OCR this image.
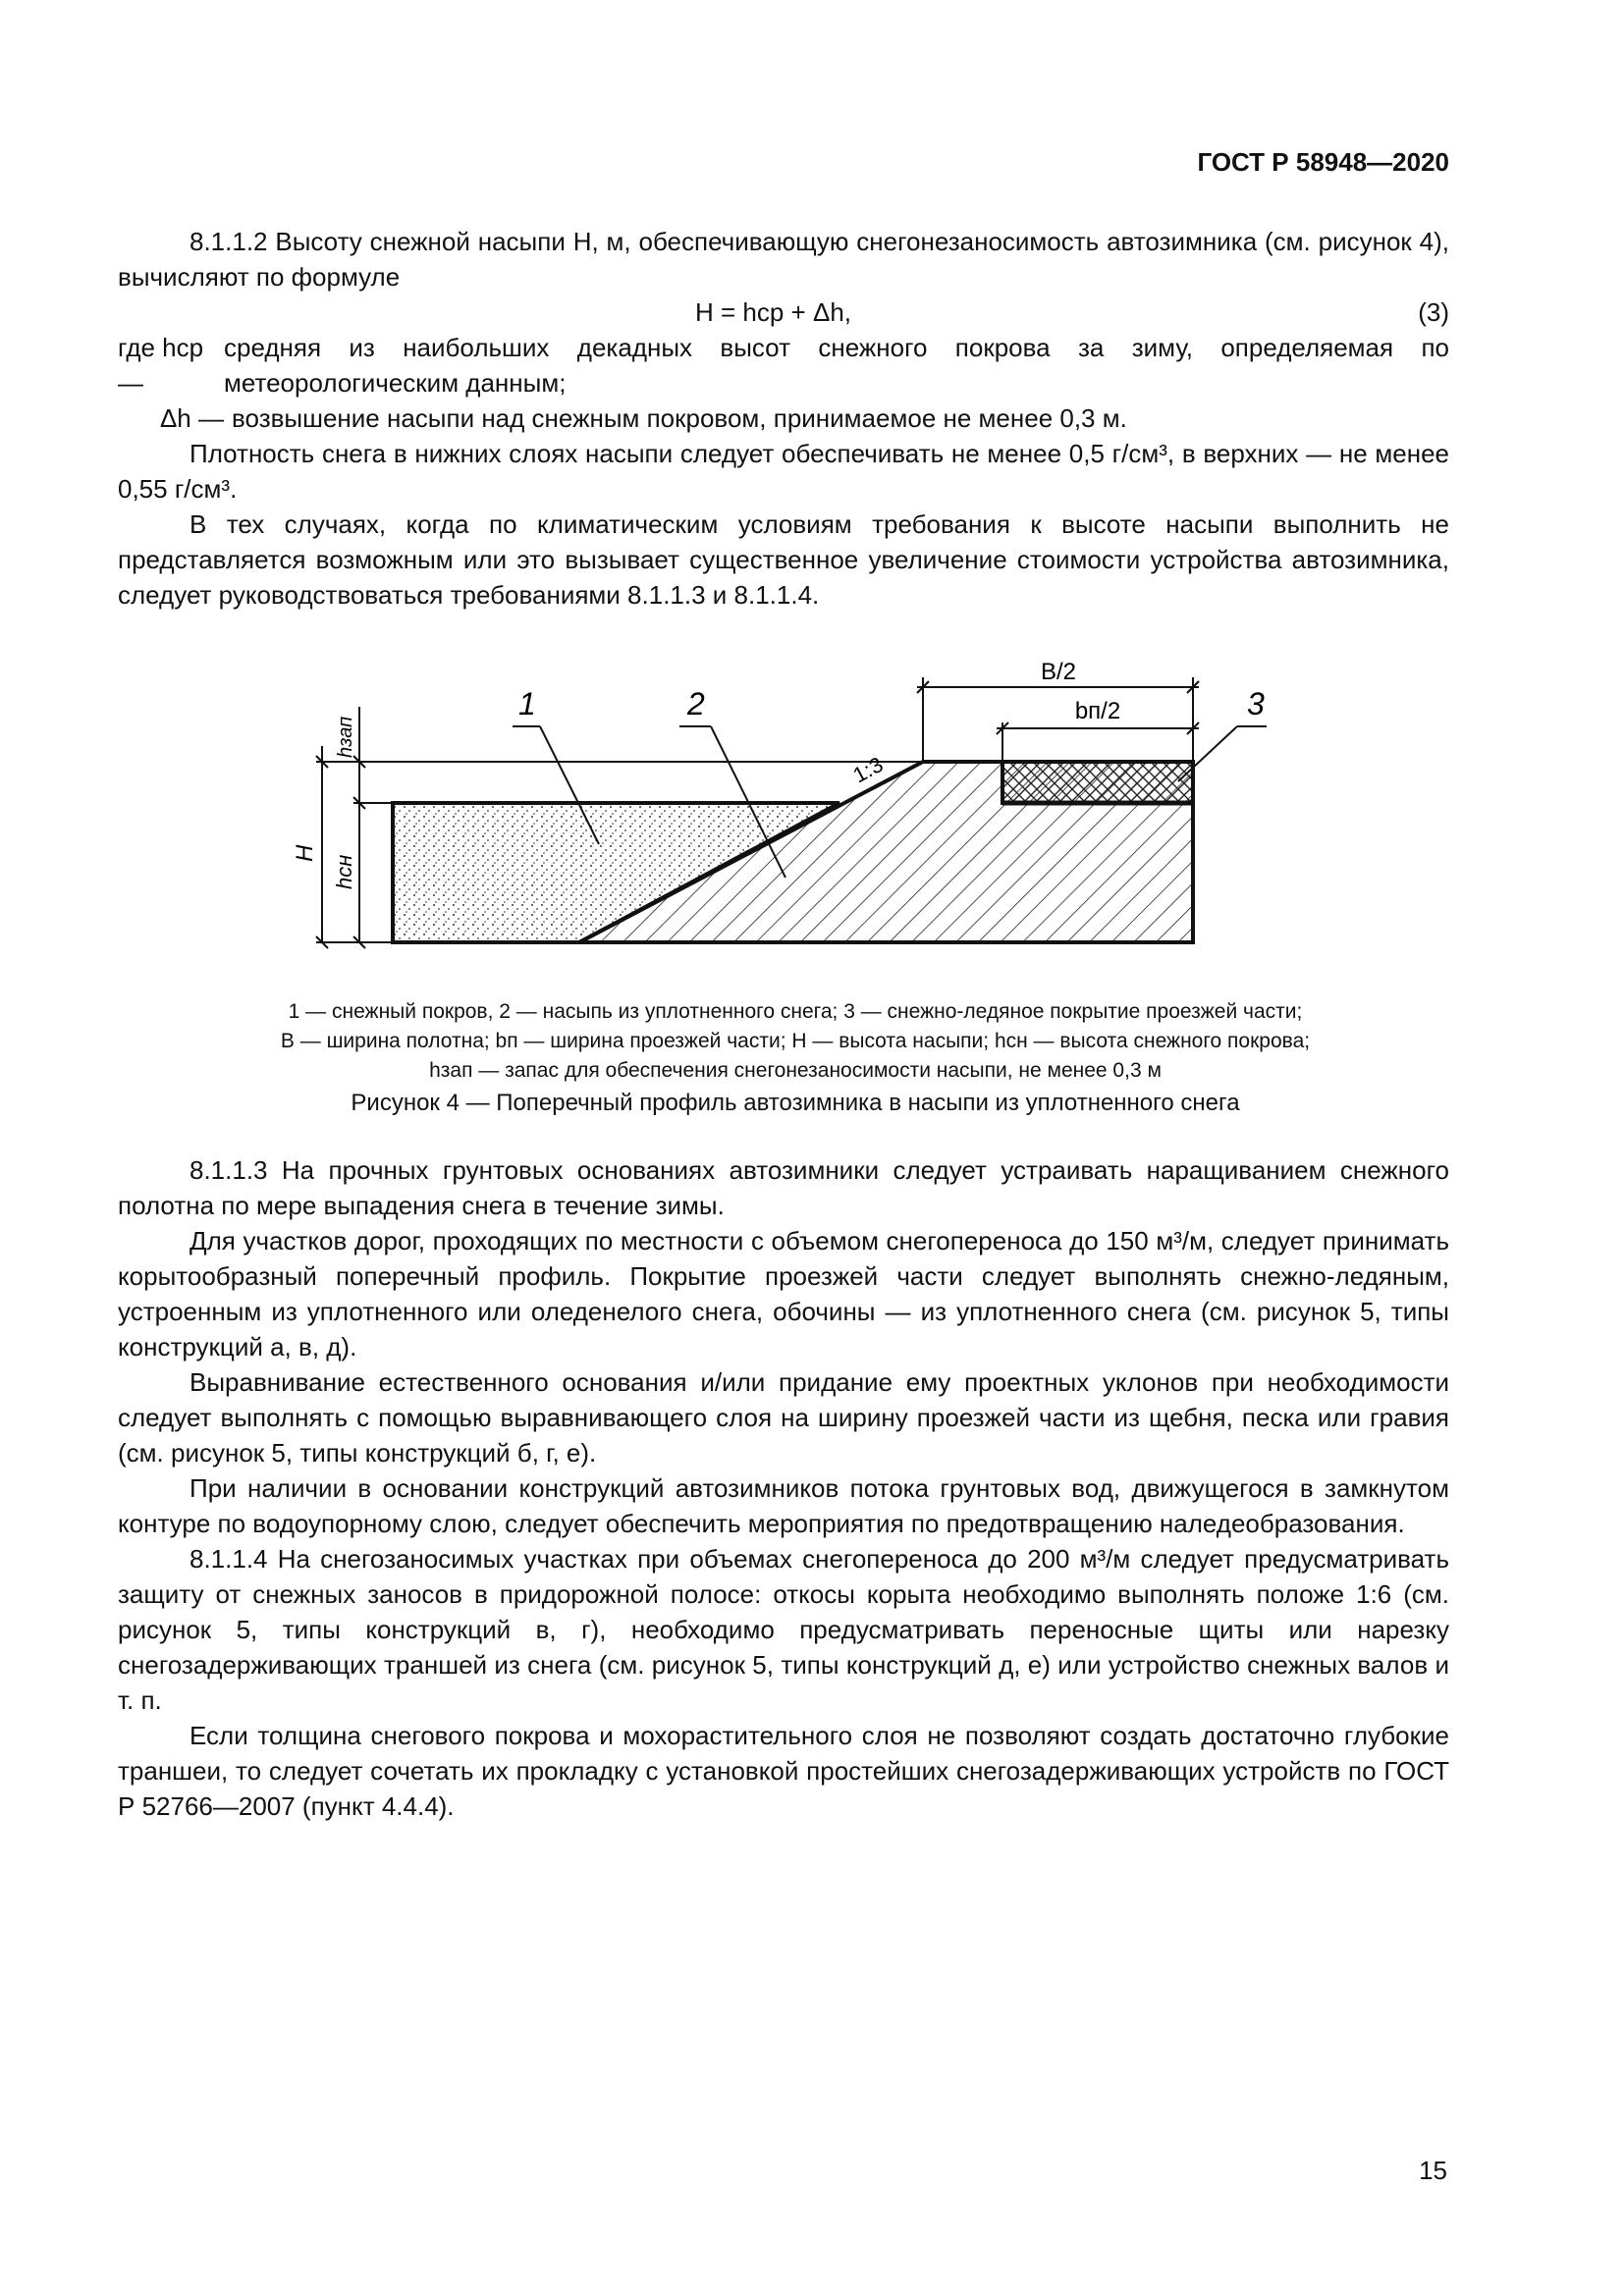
ГОСТ Р 58948—2020

8.1.1.2 Высоту снежной насыпи H, м, обеспечивающую снегонезаносимость автозимника (см. рисунок 4), вычисляют по формуле

H = hср + Δh,	(3)
где hср —
средняя из наибольших декадных высот снежного покрова за зиму, определяемая по метеорологическим данным;
Δh — возвышение насыпи над снежным покровом, принимаемое не менее 0,3 м.

Плотность снега в нижних слоях насыпи следует обеспечивать не менее 0,5 г/см³, в верхних — не менее 0,55 г/см³.

В тех случаях, когда по климатическим условиям требования к высоте насыпи выполнить не представляется возможным или это вызывает существенное увеличение стоимости устройства автозимника, следует руководствоваться требованиями 8.1.1.3 и 8.1.1.4.

H
hсн
hзап
B/2
bп/2
1:3
1	2	3
1 — снежный покров, 2 — насыпь из уплотненного снега; 3 — снежно-ледяное покрытие проезжей части;
B — ширина полотна; bп — ширина проезжей части; H — высота насыпи; hсн — высота снежного покрова;
hзап — запас для обеспечения снегонезаносимости насыпи, не менее 0,3 м
Рисунок 4 — Поперечный профиль автозимника в насыпи из уплотненного снега

8.1.1.3 На прочных грунтовых основаниях автозимники следует устраивать наращиванием снежного полотна по мере выпадения снега в течение зимы.

Для участков дорог, проходящих по местности с объемом снегопереноса до 150 м³/м, следует принимать корытообразный поперечный профиль. Покрытие проезжей части следует выполнять снежно-ледяным, устроенным из уплотненного или оледенелого снега, обочины — из уплотненного снега (см. рисунок 5, типы конструкций а, в, д).

Выравнивание естественного основания и/или придание ему проектных уклонов при необходимости следует выполнять с помощью выравнивающего слоя на ширину проезжей части из щебня, песка или гравия (см. рисунок 5, типы конструкций б, г, е).

При наличии в основании конструкций автозимников потока грунтовых вод, движущегося в замкнутом контуре по водоупорному слою, следует обеспечить мероприятия по предотвращению наледеобразования.

8.1.1.4 На снегозаносимых участках при объемах снегопереноса до 200 м³/м следует предусматривать защиту от снежных заносов в придорожной полосе: откосы корыта необходимо выполнять положе 1:6 (см. рисунок 5, типы конструкций в, г), необходимо предусматривать переносные щиты или нарезку снегозадерживающих траншей из снега (см. рисунок 5, типы конструкций д, е) или устройство снежных валов и т. п.

Если толщина снегового покрова и мохорастительного слоя не позволяют создать достаточно глубокие траншеи, то следует сочетать их прокладку с установкой простейших снегозадерживающих устройств по ГОСТ Р 52766—2007 (пункт 4.4.4).

15
